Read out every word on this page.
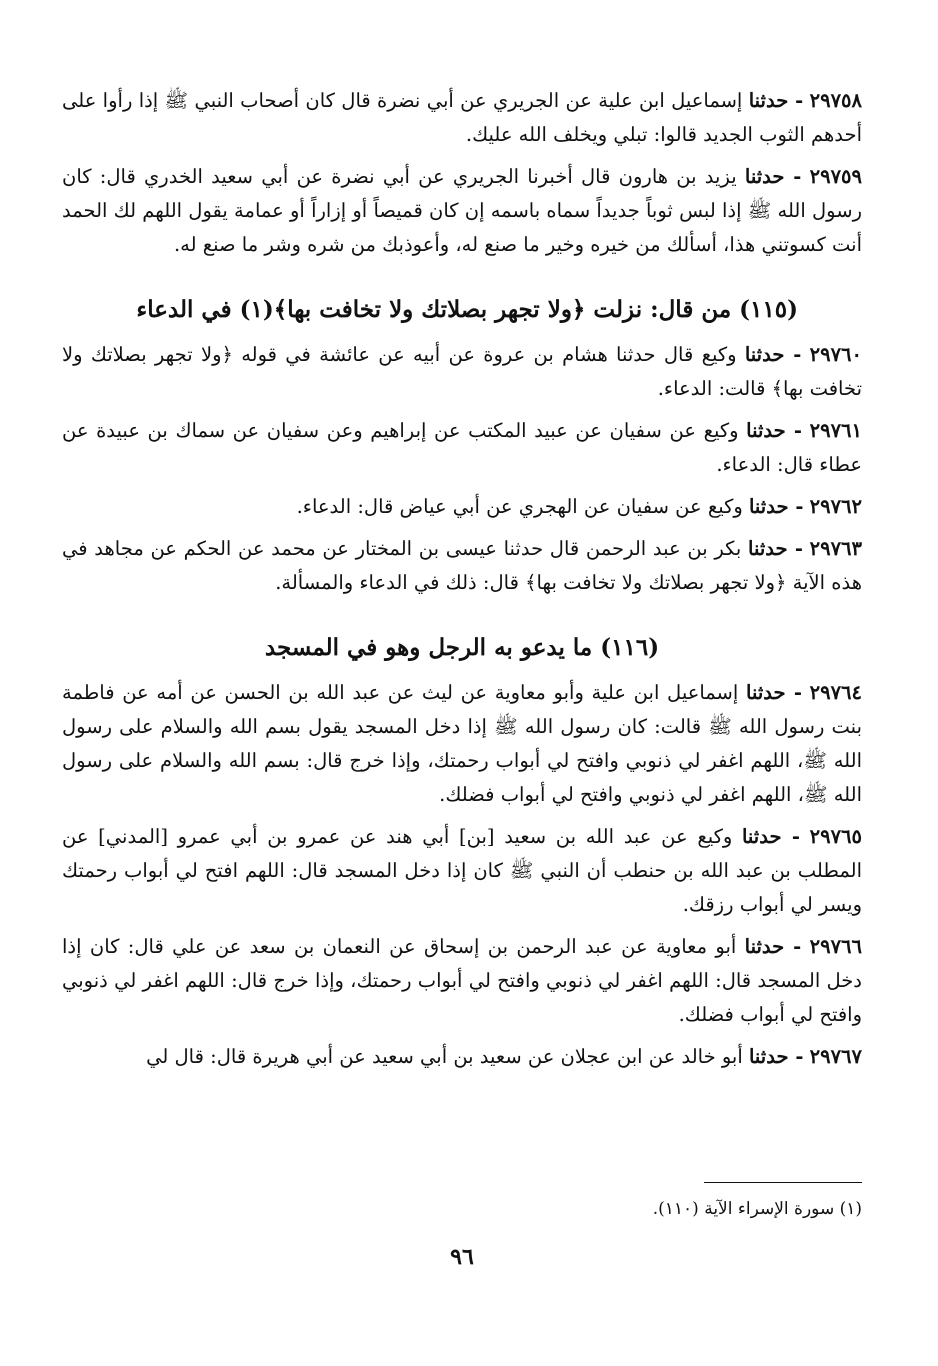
٢٩٧٥٨ - حدثنا إسماعيل ابن علية عن الجريري عن أبي نضرة قال كان أصحاب النبي ﷺ إذا رأوا على أحدهم الثوب الجديد قالوا: تبلي ويخلف الله عليك.

٢٩٧٥٩ - حدثنا يزيد بن هارون قال أخبرنا الجريري عن أبي نضرة عن أبي سعيد الخدري قال: كان رسول الله ﷺ إذا لبس ثوباً جديداً سماه باسمه إن كان قميصاً أو إزاراً أو عمامة يقول اللهم لك الحمد أنت كسوتني هذا، أسألك من خيره وخير ما صنع له، وأعوذبك من شره وشر ما صنع له.

(١١٥) من قال: نزلت ﴿ولا تجهر بصلاتك ولا تخافت بها﴾(١) في الدعاء

٢٩٧٦٠ - حدثنا وكيع قال حدثنا هشام بن عروة عن أبيه عن عائشة في قوله ﴿ولا تجهر بصلاتك ولا تخافت بها﴾ قالت: الدعاء.

٢٩٧٦١ - حدثنا وكيع عن سفيان عن عبيد المكتب عن إبراهيم وعن سفيان عن سماك بن عبيدة عن عطاء قال: الدعاء.

٢٩٧٦٢ - حدثنا وكيع عن سفيان عن الهجري عن أبي عياض قال: الدعاء.

٢٩٧٦٣ - حدثنا بكر بن عبد الرحمن قال حدثنا عيسى بن المختار عن محمد عن الحكم عن مجاهد في هذه الآية ﴿ولا تجهر بصلاتك ولا تخافت بها﴾ قال: ذلك في الدعاء والمسألة.

(١١٦) ما يدعو به الرجل وهو في المسجد

٢٩٧٦٤ - حدثنا إسماعيل ابن علية وأبو معاوية عن ليث عن عبد الله بن الحسن عن أمه عن فاطمة بنت رسول الله ﷺ قالت: كان رسول الله ﷺ إذا دخل المسجد يقول بسم الله والسلام على رسول الله ﷺ، اللهم اغفر لي ذنوبي وافتح لي أبواب رحمتك، وإذا خرج قال: بسم الله والسلام على رسول الله ﷺ، اللهم اغفر لي ذنوبي وافتح لي أبواب فضلك.

٢٩٧٦٥ - حدثنا وكيع عن عبد الله بن سعيد [بن] أبي هند عن عمرو بن أبي عمرو [المدني] عن المطلب بن عبد الله بن حنطب أن النبي ﷺ كان إذا دخل المسجد قال: اللهم افتح لي أبواب رحمتك ويسر لي أبواب رزقك.

٢٩٧٦٦ - حدثنا أبو معاوية عن عبد الرحمن بن إسحاق عن النعمان بن سعد عن علي قال: كان إذا دخل المسجد قال: اللهم اغفر لي ذنوبي وافتح لي أبواب رحمتك، وإذا خرج قال: اللهم اغفر لي ذنوبي وافتح لي أبواب فضلك.

٢٩٧٦٧ - حدثنا أبو خالد عن ابن عجلان عن سعيد بن أبي سعيد عن أبي هريرة قال: قال لي

(١) سورة الإسراء الآية (١١٠).
٩٦
